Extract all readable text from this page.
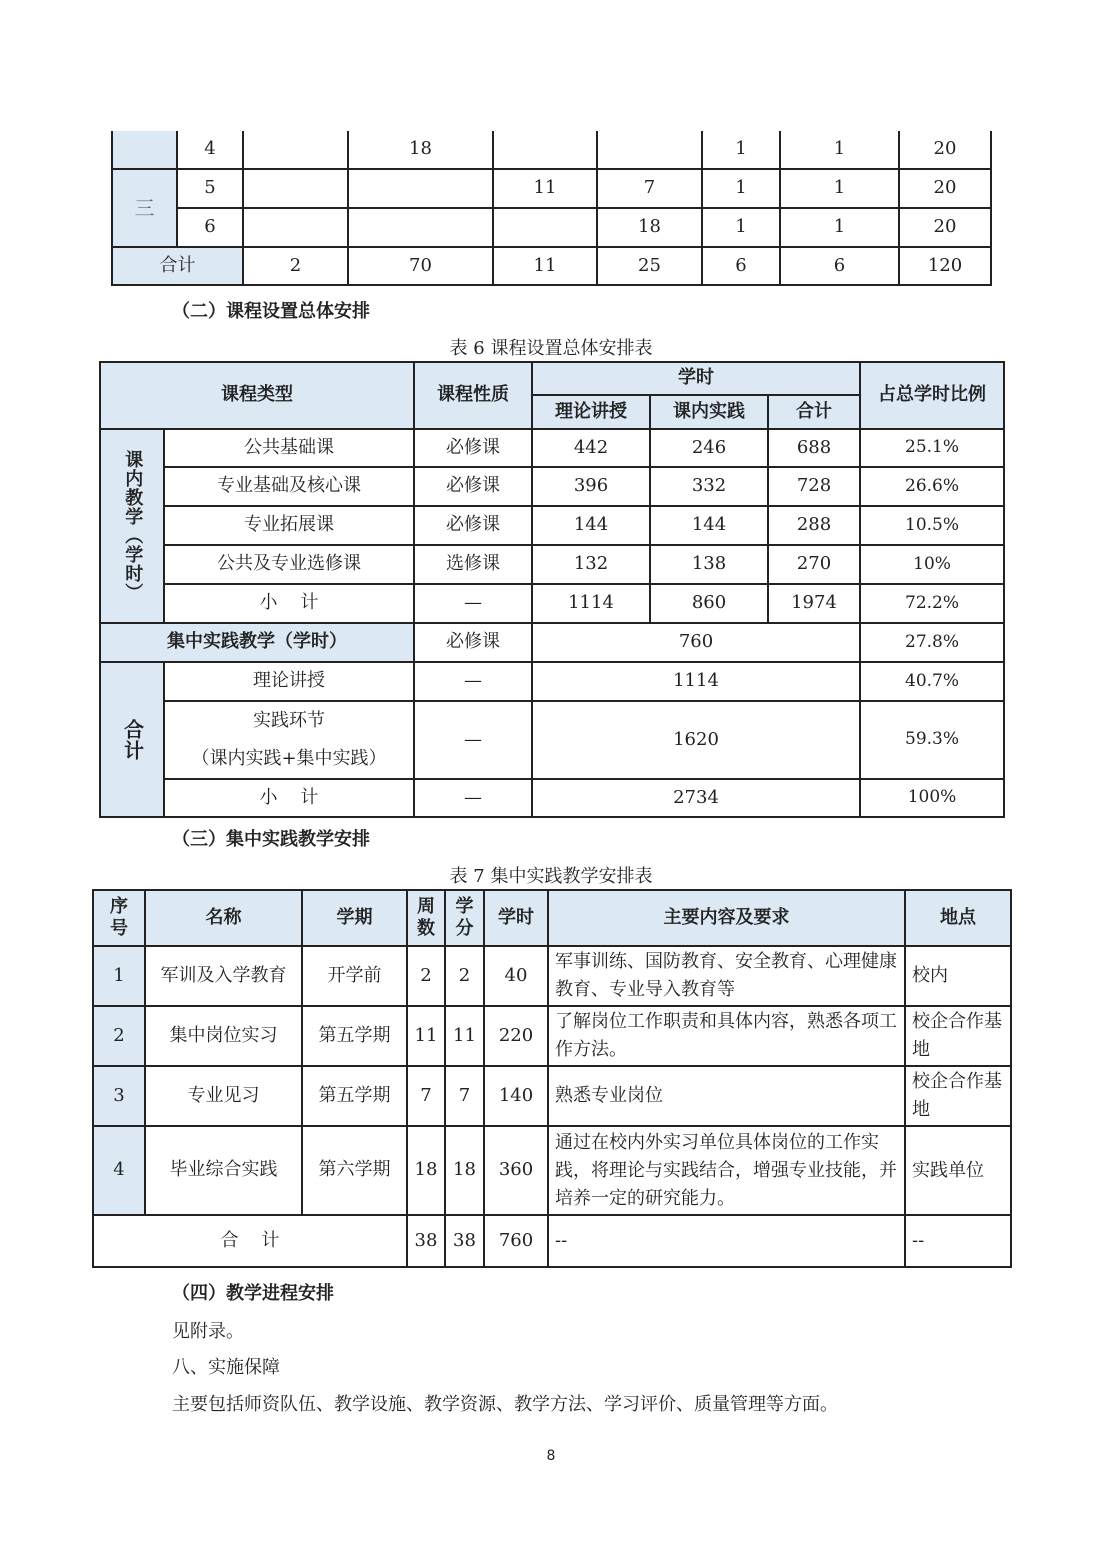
	4		18			1	1	20
三	5			11	7	1	1	20
	6				18	1	1	20
合计		2	70	11	25	6	6	120
（二）课程设置总体安排
表 6 课程设置总体安排表
课程类型		课程性质	学时			占总学时比例
			理论讲授	课内实践	合计	

课内教学（学时）	公共基础课	必修课	442	246	688	25.1%
	专业基础及核心课	必修课	396	332	728	26.6%
	专业拓展课	必修课	144	144	288	10.5%
	公共及专业选修课	选修课	132	138	270	10%
	小    计	—	1114	860	1974	72.2%
集中实践教学（学时）		必修课	760			27.8%

合计	理论讲授	—	1114			40.7%

	实践环节
（课内实践+集中实践）	—	1620			59.3%
	小    计	—	2734			100%
（三）集中实践教学安排
表 7 集中实践教学安排表
序号	名称	学期	周数	学分	学时	主要内容及要求	地点
1	军训及入学教育	开学前	2	2	40	军事训练、国防教育、安全教育、心理健康教育、专业导入教育等	校内
2	集中岗位实习	第五学期	11	11	220	了解岗位工作职责和具体内容，熟悉各项工作方法。	校企合作基地
3	专业见习	第五学期	7	7	140	熟悉专业岗位	校企合作基地
4	毕业综合实践	第六学期	18	18	360	通过在校内外实习单位具体岗位的工作实践，将理论与实践结合，增强专业技能，并培养一定的研究能力。	实践单位
合    计			38	38	760	--	--
（四）教学进程安排
见附录。
八、实施保障
主要包括师资队伍、教学设施、教学资源、教学方法、学习评价、质量管理等方面。
8
